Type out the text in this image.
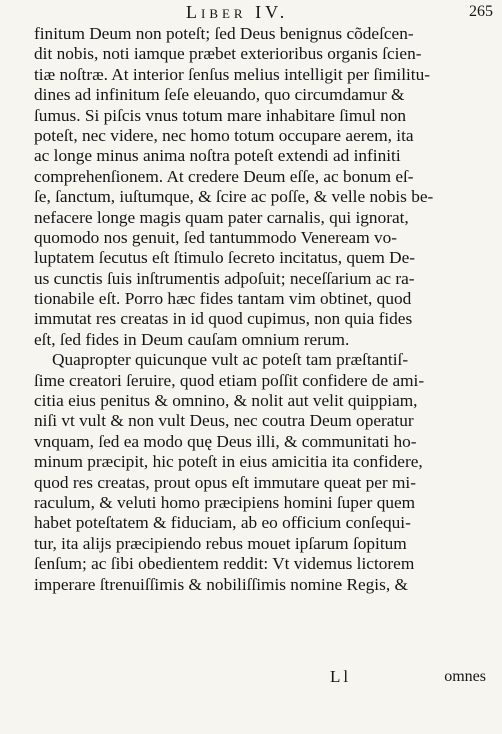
Liber IV.	265
finitum Deum non poteſt; ſed Deus benignus cõdeſcen-
dit nobis, noti iamque præbet exterioribus organis ſcien-
tiæ noſtræ. At interior ſenſus melius intelligit per ſimilitu-
dines ad infinitum ſeſe eleuando, quo circumdamur &
ſumus. Si piſcis vnus totum mare inhabitare ſimul non
poteſt, nec videre, nec homo totum occupare aerem, ita
ac longe minus anima noſtra poteſt extendi ad infiniti
comprehenſionem. At credere Deum eſſe, ac bonum eſ-
ſe, ſanctum, iuſtumque, & ſcire ac poſſe, & velle nobis be-
nefacere longe magis quam pater carnalis, qui ignorat,
quomodo nos genuit, ſed tantummodo Veneream vo-
luptatem ſecutus eſt ſtimulo ſecreto incitatus, quem De-
us cunctis ſuis inſtrumentis adpoſuit; neceſſarium ac ra-
tionabile eſt. Porro hæc fides tantam vim obtinet, quod
immutat res creatas in id quod cupimus, non quia fides
eſt, ſed fides in Deum cauſam omnium rerum.
Quapropter quicunque vult ac poteſt tam præſtantiſ-
ſime creatori ſeruire, quod etiam poſſit confidere de ami-
citia eius penitus & omnino, & nolit aut velit quippiam,
niſi vt vult & non vult Deus, nec coutra Deum operatur
vnquam, ſed ea modo quę Deus illi, & communitati ho-
minum præcipit, hic poteſt in eius amicitia ita confidere,
quod res creatas, prout opus eſt immutare queat per mi-
raculum, & veluti homo præcipiens homini ſuper quem
habet poteſtatem & fiduciam, ab eo officium conſequi-
tur, ita alijs præcipiendo rebus mouet ipſarum ſopitum
ſenſum; ac ſibi obedientem reddit: Vt videmus lictorem
imperare ſtrenuiſſimis & nobiliſſimis nomine Regis, &
Ll	omnes
